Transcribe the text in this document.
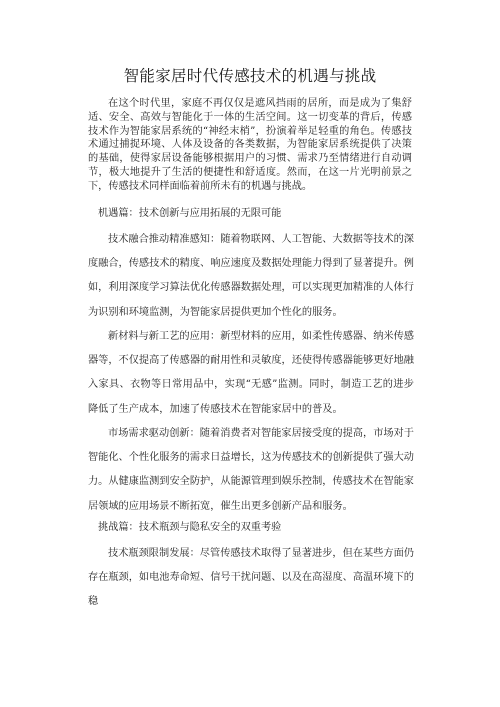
智能家居时代传感技术的机遇与挑战

在这个时代里，家庭不再仅仅是遮风挡雨的居所，而是成为了集舒适、安全、高效与智能化于一体的生活空间。这一切变革的背后，传感技术作为智能家居系统的“神经末梢”，扮演着举足轻重的角色。传感技术通过捕捉环境、人体及设备的各类数据，为智能家居系统提供了决策的基础，使得家居设备能够根据用户的习惯、需求乃至情绪进行自动调节，极大地提升了生活的便捷性和舒适度。然而，在这一片光明前景之下，传感技术同样面临着前所未有的机遇与挑战。

机遇篇：技术创新与应用拓展的无限可能

技术融合推动精准感知：随着物联网、人工智能、大数据等技术的深度融合，传感技术的精度、响应速度及数据处理能力得到了显著提升。例如，利用深度学习算法优化传感器数据处理，可以实现更加精准的人体行为识别和环境监测，为智能家居提供更加个性化的服务。

新材料与新工艺的应用：新型材料的应用，如柔性传感器、纳米传感器等，不仅提高了传感器的耐用性和灵敏度，还使得传感器能够更好地融入家具、衣物等日常用品中，实现“无感”监测。同时，制造工艺的进步降低了生产成本，加速了传感技术在智能家居中的普及。

市场需求驱动创新：随着消费者对智能家居接受度的提高，市场对于智能化、个性化服务的需求日益增长，这为传感技术的创新提供了强大动力。从健康监测到安全防护，从能源管理到娱乐控制，传感技术在智能家居领域的应用场景不断拓宽，催生出更多创新产品和服务。

挑战篇：技术瓶颈与隐私安全的双重考验

技术瓶颈限制发展：尽管传感技术取得了显著进步，但在某些方面仍存在瓶颈，如电池寿命短、信号干扰问题、以及在高湿度、高温环境下的稳
